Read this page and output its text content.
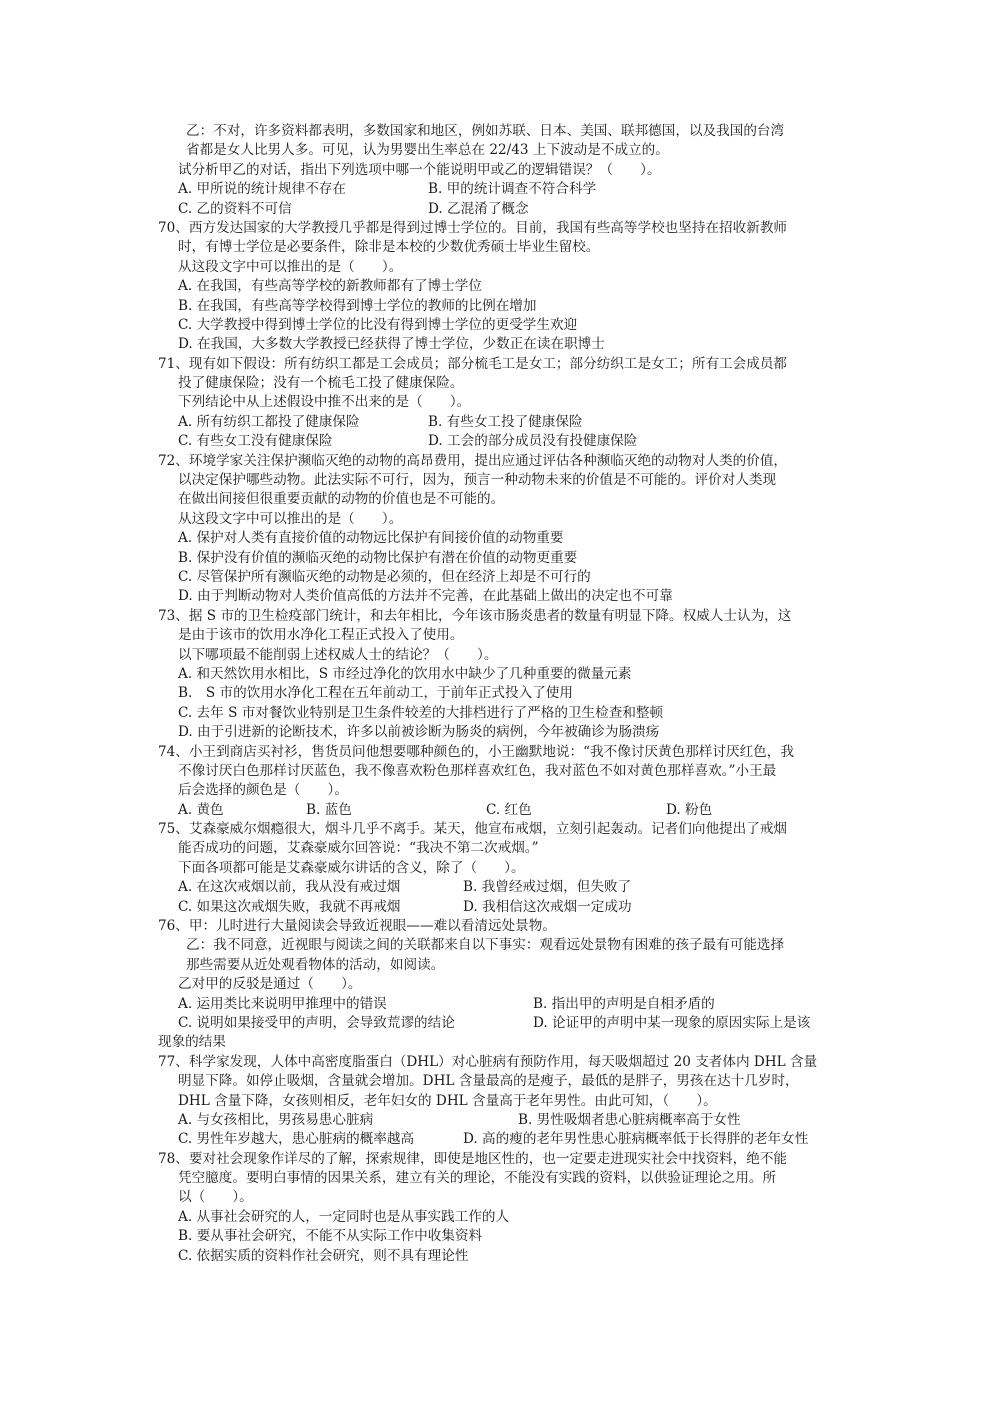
乙：不对，许多资料都表明，多数国家和地区，例如苏联、日本、美国、联邦德国，以及我国的台湾
省都是女人比男人多。可见，认为男婴出生率总在 22/43 上下波动是不成立的。
试分析甲乙的对话，指出下列选项中哪一个能说明甲或乙的逻辑错误？（　　）。
A. 甲所说的统计规律不存在	B. 甲的统计调查不符合科学
C. 乙的资料不可信	D. 乙混淆了概念
70、西方发达国家的大学教授几乎都是得到过博士学位的。目前，我国有些高等学校也坚持在招收新教师
时，有博士学位是必要条件，除非是本校的少数优秀硕士毕业生留校。
从这段文字中可以推出的是（　　）。
A. 在我国，有些高等学校的新教师都有了博士学位
B. 在我国，有些高等学校得到博士学位的教师的比例在增加
C. 大学教授中得到博士学位的比没有得到博士学位的更受学生欢迎
D. 在我国，大多数大学教授已经获得了博士学位，少数正在读在职博士
71、现有如下假设：所有纺织工都是工会成员；部分梳毛工是女工；部分纺织工是女工；所有工会成员都
投了健康保险；没有一个梳毛工投了健康保险。
下列结论中从上述假设中推不出来的是（　　）。
A. 所有纺织工都投了健康保险	B. 有些女工投了健康保险
C. 有些女工没有健康保险	D. 工会的部分成员没有投健康保险
72、环境学家关注保护濒临灭绝的动物的高昂费用，提出应通过评估各种濒临灭绝的动物对人类的价值，
以决定保护哪些动物。此法实际不可行，因为，预言一种动物未来的价值是不可能的。评价对人类现
在做出间接但很重要贡献的动物的价值也是不可能的。
从这段文字中可以推出的是（　　）。
A. 保护对人类有直接价值的动物远比保护有间接价值的动物重要
B. 保护没有价值的濒临灭绝的动物比保护有潜在价值的动物更重要
C. 尽管保护所有濒临灭绝的动物是必须的，但在经济上却是不可行的
D. 由于判断动物对人类价值高低的方法并不完善，在此基础上做出的决定也不可靠
73、据 S 市的卫生检疫部门统计，和去年相比，今年该市肠炎患者的数量有明显下降。权威人士认为，这
是由于该市的饮用水净化工程正式投入了使用。
以下哪项最不能削弱上述权威人士的结论？（　　）。
A. 和天然饮用水相比，S 市经过净化的饮用水中缺少了几种重要的微量元素
B.　S 市的饮用水净化工程在五年前动工，于前年正式投入了使用
C. 去年 S 市对餐饮业特别是卫生条件较差的大排档进行了严格的卫生检查和整顿
D. 由于引进新的论断技术，许多以前被诊断为肠炎的病例，今年被确诊为肠溃疡
74、小王到商店买衬衫，售货员问他想要哪种颜色的，小王幽默地说：“我不像讨厌黄色那样讨厌红色，我
不像讨厌白色那样讨厌蓝色，我不像喜欢粉色那样喜欢红色，我对蓝色不如对黄色那样喜欢。”小王最
后会选择的颜色是（　　）。
A. 黄色	B. 蓝色	C. 红色	D. 粉色
75、艾森豪威尔烟瘾很大，烟斗几乎不离手。某天，他宣布戒烟，立刻引起轰动。记者们向他提出了戒烟
能否成功的问题，艾森豪威尔回答说：“我决不第二次戒烟。”
下面各项都可能是艾森豪威尔讲话的含义，除了（　　）。
A. 在这次戒烟以前，我从没有戒过烟	B. 我曾经戒过烟，但失败了
C. 如果这次戒烟失败，我就不再戒烟	D. 我相信这次戒烟一定成功
76、甲：儿时进行大量阅读会导致近视眼——难以看清远处景物。
乙：我不同意，近视眼与阅读之间的关联都来自以下事实：观看远处景物有困难的孩子最有可能选择
那些需要从近处观看物体的活动，如阅读。
乙对甲的反驳是通过（　　）。
A. 运用类比来说明甲推理中的错误	B. 指出甲的声明是自相矛盾的
C. 说明如果接受甲的声明，会导致荒谬的结论	D. 论证甲的声明中某一现象的原因实际上是该
现象的结果
77、科学家发现，人体中高密度脂蛋白（DHL）对心脏病有预防作用，每天吸烟超过 20 支者体内 DHL 含量
明显下降。如停止吸烟，含量就会增加。DHL 含量最高的是瘦子，最低的是胖子，男孩在达十几岁时，
DHL 含量下降，女孩则相反，老年妇女的 DHL 含量高于老年男性。由此可知，（　　）。
A. 与女孩相比，男孩易患心脏病	B. 男性吸烟者患心脏病概率高于女性
C. 男性年岁越大，患心脏病的概率越高	D. 高的瘦的老年男性患心脏病概率低于长得胖的老年女性
78、要对社会现象作详尽的了解，探索规律，即使是地区性的，也一定要走进现实社会中找资料，绝不能
凭空臆度。要明白事情的因果关系，建立有关的理论，不能没有实践的资料，以供验证理论之用。所
以（　　）。
A. 从事社会研究的人，一定同时也是从事实践工作的人
B. 要从事社会研究，不能不从实际工作中收集资料
C. 依据实质的资料作社会研究，则不具有理论性
